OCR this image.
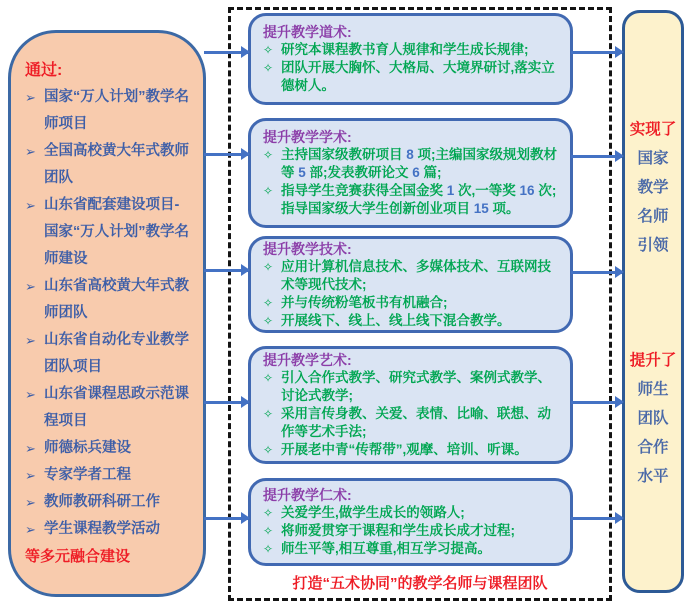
通过:
➢ 国家“万人计划”教学名师项目
➢ 全国高校黄大年式教师团队
➢ 山东省配套建设项目-国家“万人计划”教学名师建设
➢ 山东省高校黄大年式教师团队
➢ 山东省自动化专业教学团队项目
➢ 山东省课程思政示范课程项目
➢ 师德标兵建设
➢ 专家学者工程
➢ 教师教研科研工作
➢ 学生课程教学活动
等多元融合建设
提升教学道术:
✧ 研究本课程教书育人规律和学生成长规律;
✧ 团队开展大胸怀、大格局、大境界研讨,落实立德树人。
提升教学学术:
✧ 主持国家级教研项目 8 项;主编国家级规划教材等 5 部;发表教研论文 6 篇;
✧ 指导学生竞赛获得全国金奖 1 次,一等奖 16 次;指导国家级大学生创新创业项目 15 项。
提升教学技术:
✧ 应用计算机信息技术、多媒体技术、互联网技术等现代技术;
✧ 并与传统粉笔板书有机融合;
✧ 开展线下、线上、线上线下混合教学。
提升教学艺术:
✧ 引入合作式教学、研究式教学、案例式教学、讨论式教学;
✧ 采用言传身教、关爱、表情、比喻、联想、动作等艺术手法;
✧ 开展老中青“传帮带”,观摩、培训、听课。
提升教学仁术:
✧ 关爱学生,做学生成长的领路人;
✧ 将师爱贯穿于课程和学生成长成才过程;
✧ 师生平等,相互尊重,相互学习提高。
打造“五术协同”的教学名师与课程团队
实现了
国家
教学
名师
引领
提升了
师生
团队
合作
水平
